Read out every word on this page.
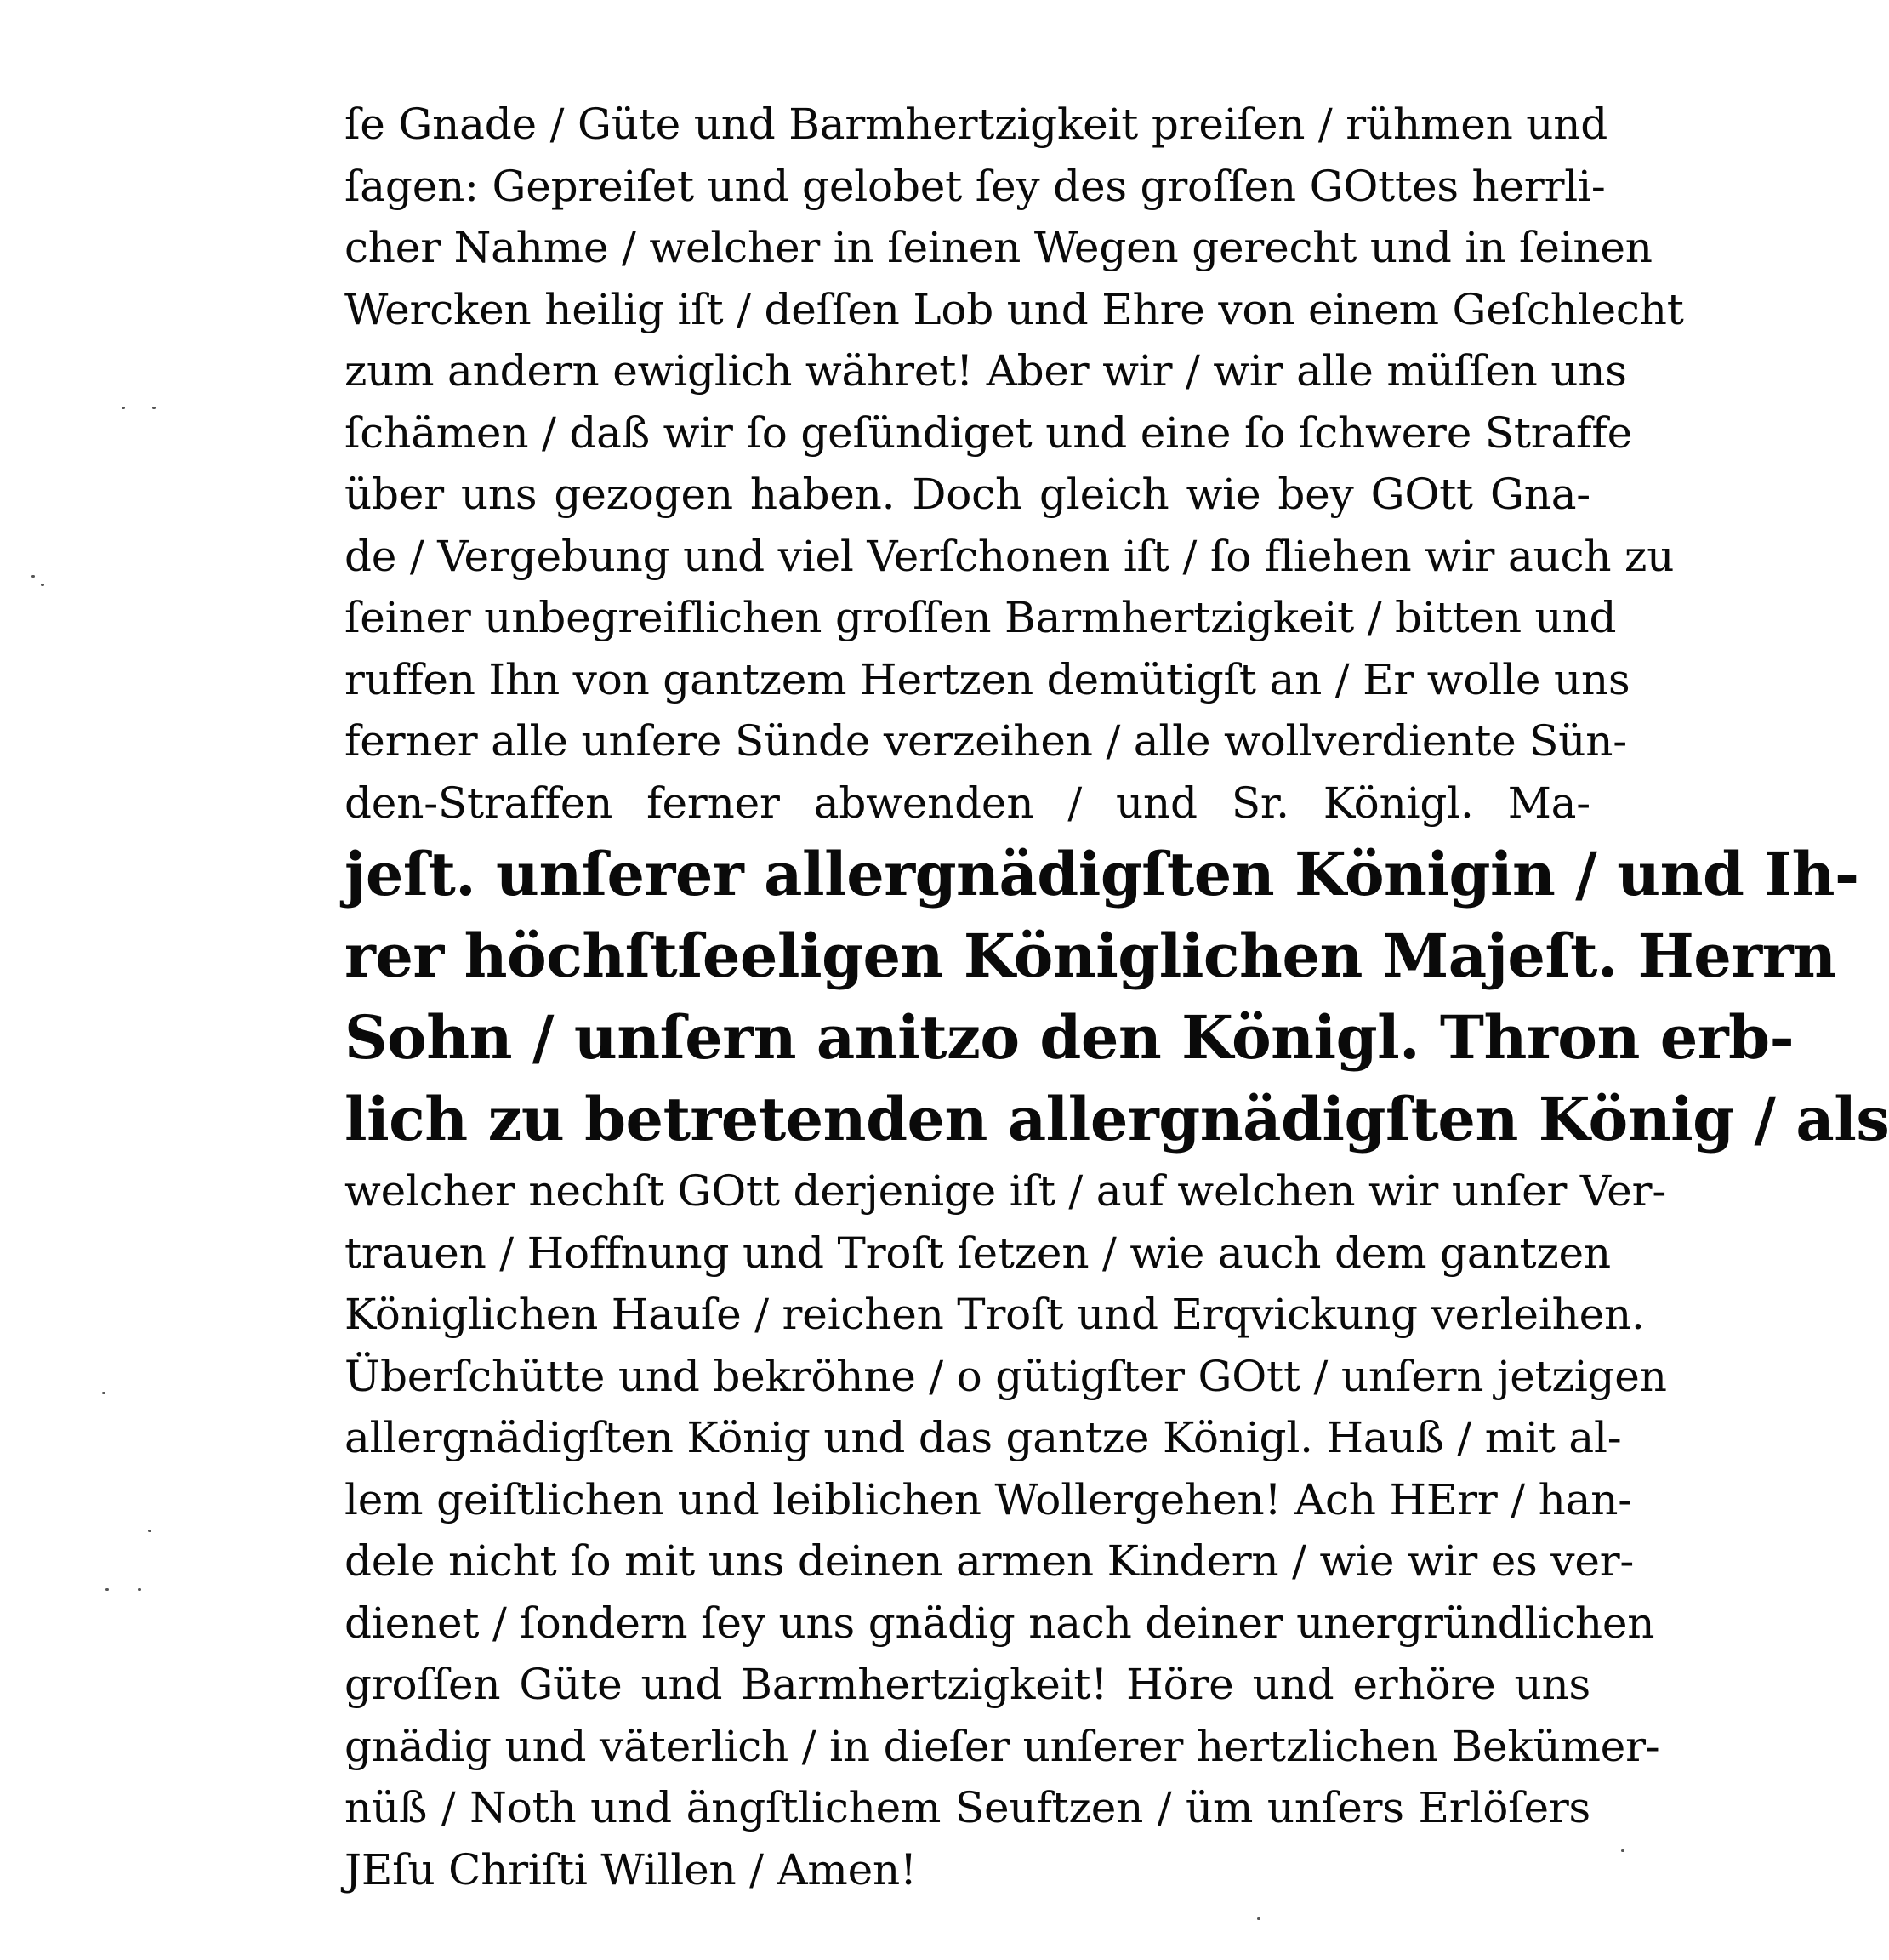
ſe Gnade / Güte und Barmhertzigkeit preiſen / rühmen und
ſagen: Gepreiſet und gelobet ſey des groſſen GOttes herrli-
cher Nahme / welcher in ſeinen Wegen gerecht und in ſeinen
Wercken heilig iſt / deſſen Lob und Ehre von einem Geſchlecht
zum andern ewiglich währet! Aber wir / wir alle müſſen uns
ſchämen / daß wir ſo geſündiget und eine ſo ſchwere Straffe
über uns gezogen haben. Doch gleich wie bey GOtt Gna-
de / Vergebung und viel Verſchonen iſt / ſo fliehen wir auch zu
ſeiner unbegreiflichen groſſen Barmhertzigkeit / bitten und
ruffen Ihn von gantzem Hertzen demütigſt an / Er wolle uns
ferner alle unſere Sünde verzeihen / alle wollverdiente Sün-
den-Straffen ferner abwenden / und Sr. Königl. Ma-
jeſt. unſerer allergnädigſten Königin / und Ih-
rer höchſtſeeligen Königlichen Majeſt. Herrn
Sohn / unſern anitzo den Königl. Thron erb-
lich zu betretenden allergnädigſten König / als
welcher nechſt GOtt derjenige iſt / auf welchen wir unſer Ver-
trauen / Hoffnung und Troſt ſetzen / wie auch dem gantzen
Königlichen Hauſe / reichen Troſt und Erqvickung verleihen.
Überſchütte und bekröhne / o gütigſter GOtt / unſern jetzigen
allergnädigſten König und das gantze Königl. Hauß / mit al-
lem geiſtlichen und leiblichen Wollergehen! Ach HErr / han-
dele nicht ſo mit uns deinen armen Kindern / wie wir es ver-
dienet / ſondern ſey uns gnädig nach deiner unergründlichen
groſſen Güte und Barmhertzigkeit! Höre und erhöre uns
gnädig und väterlich / in dieſer unſerer hertzlichen Bekümer-
nüß / Noth und ängſtlichem Seuftzen / üm unſers Erlöſers
JEſu Chriſti Willen / Amen!
